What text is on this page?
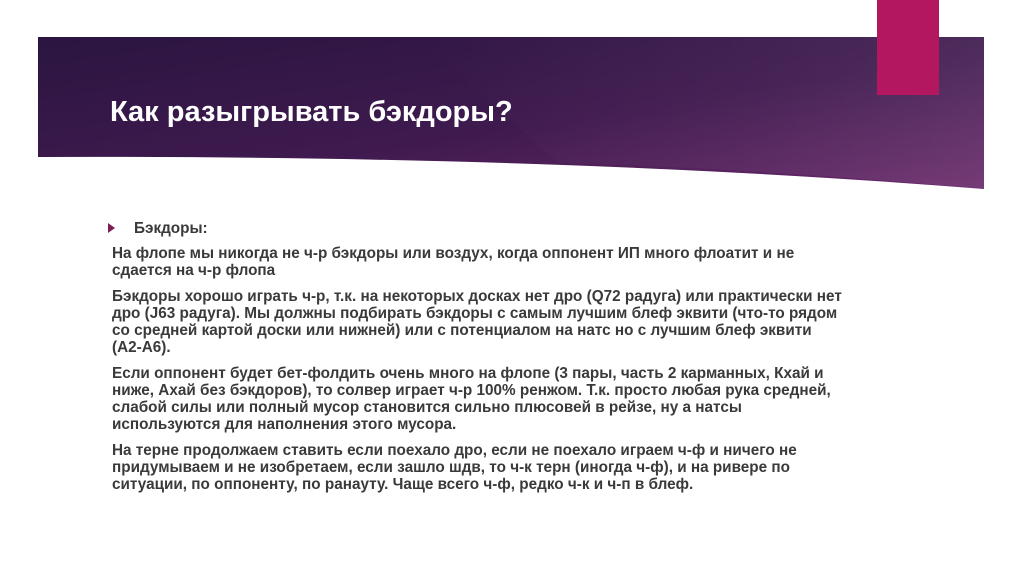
Как разыгрывать бэкдоры?
Бэкдоры:

На флопе мы никогда не ч-р бэкдоры или воздух, когда оппонент ИП много флоатит и не сдается на ч-р флопа

Бэкдоры хорошо играть ч-р, т.к. на некоторых досках нет дро (Q72 радуга) или практически нет дро (J63 радуга). Мы должны подбирать бэкдоры с самым лучшим блеф эквити (что-то рядом со средней картой доски или нижней) или с потенциалом на натс но с лучшим блеф эквити (A2-A6).

Если оппонент будет бет-фолдить очень много на флопе (3 пары, часть 2 карманных, Кхай и ниже, Ахай без бэкдоров), то солвер играет ч-р 100% ренжом. Т.к. просто любая рука средней, слабой силы или полный мусор становится сильно плюсовей в рейзе, ну а натсы используются для наполнения этого мусора.

На терне продолжаем ставить если поехало дро, если не поехало играем ч-ф и ничего не придумываем и не изобретаем, если зашло шдв, то ч-к терн (иногда ч-ф), и на ривере по ситуации, по оппоненту, по ранауту. Чаще всего ч-ф, редко ч-к и ч-п в блеф.
